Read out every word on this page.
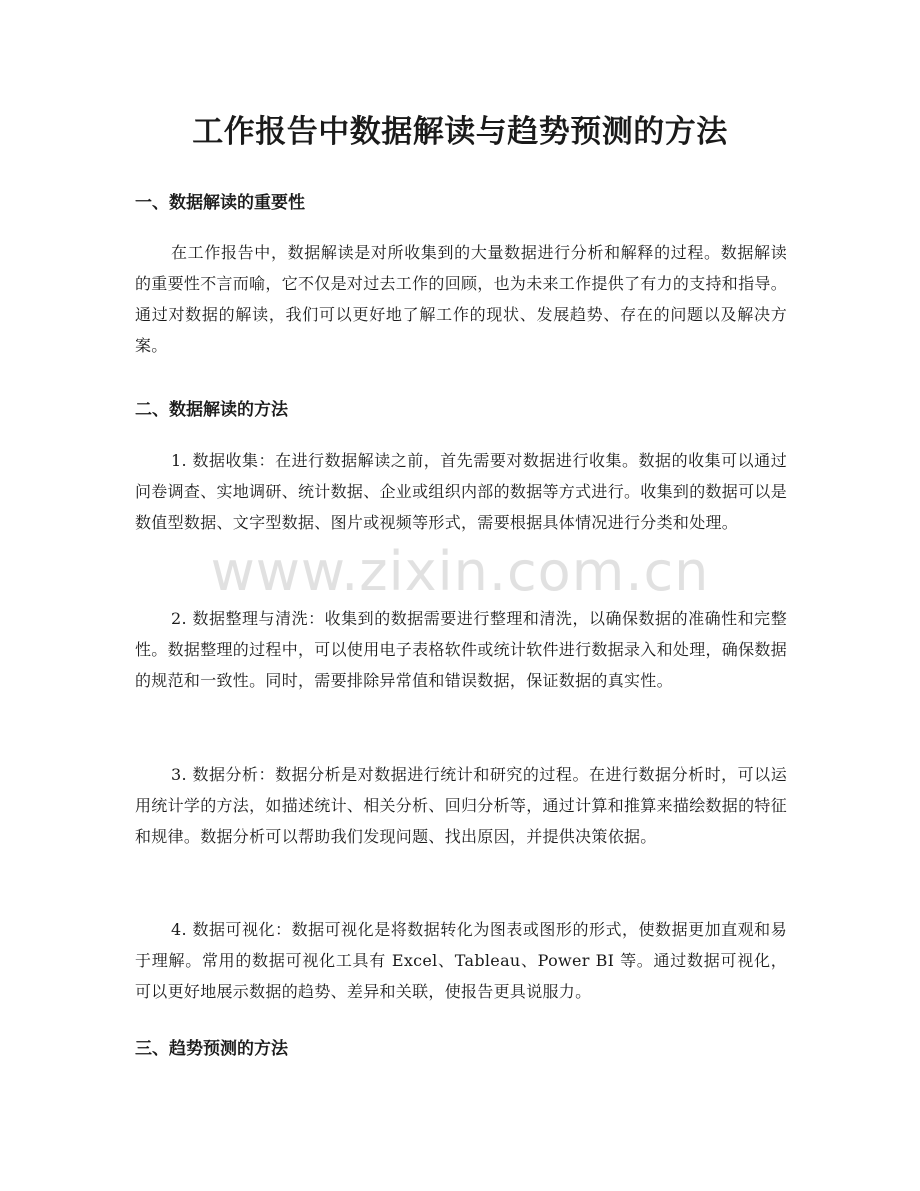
工作报告中数据解读与趋势预测的方法
一、数据解读的重要性

在工作报告中，数据解读是对所收集到的大量数据进行分析和解释的过程。数据解读的重要性不言而喻，它不仅是对过去工作的回顾，也为未来工作提供了有力的支持和指导。通过对数据的解读，我们可以更好地了解工作的现状、发展趋势、存在的问题以及解决方案。

二、数据解读的方法

1. 数据收集：在进行数据解读之前，首先需要对数据进行收集。数据的收集可以通过问卷调查、实地调研、统计数据、企业或组织内部的数据等方式进行。收集到的数据可以是数值型数据、文字型数据、图片或视频等形式，需要根据具体情况进行分类和处理。

2. 数据整理与清洗：收集到的数据需要进行整理和清洗，以确保数据的准确性和完整性。数据整理的过程中，可以使用电子表格软件或统计软件进行数据录入和处理，确保数据的规范和一致性。同时，需要排除异常值和错误数据，保证数据的真实性。

3. 数据分析：数据分析是对数据进行统计和研究的过程。在进行数据分析时，可以运用统计学的方法，如描述统计、相关分析、回归分析等，通过计算和推算来描绘数据的特征和规律。数据分析可以帮助我们发现问题、找出原因，并提供决策依据。

4. 数据可视化：数据可视化是将数据转化为图表或图形的形式，使数据更加直观和易于理解。常用的数据可视化工具有 Excel、Tableau、Power BI 等。通过数据可视化，可以更好地展示数据的趋势、差异和关联，使报告更具说服力。

三、趋势预测的方法
www.zixin.com.cn
